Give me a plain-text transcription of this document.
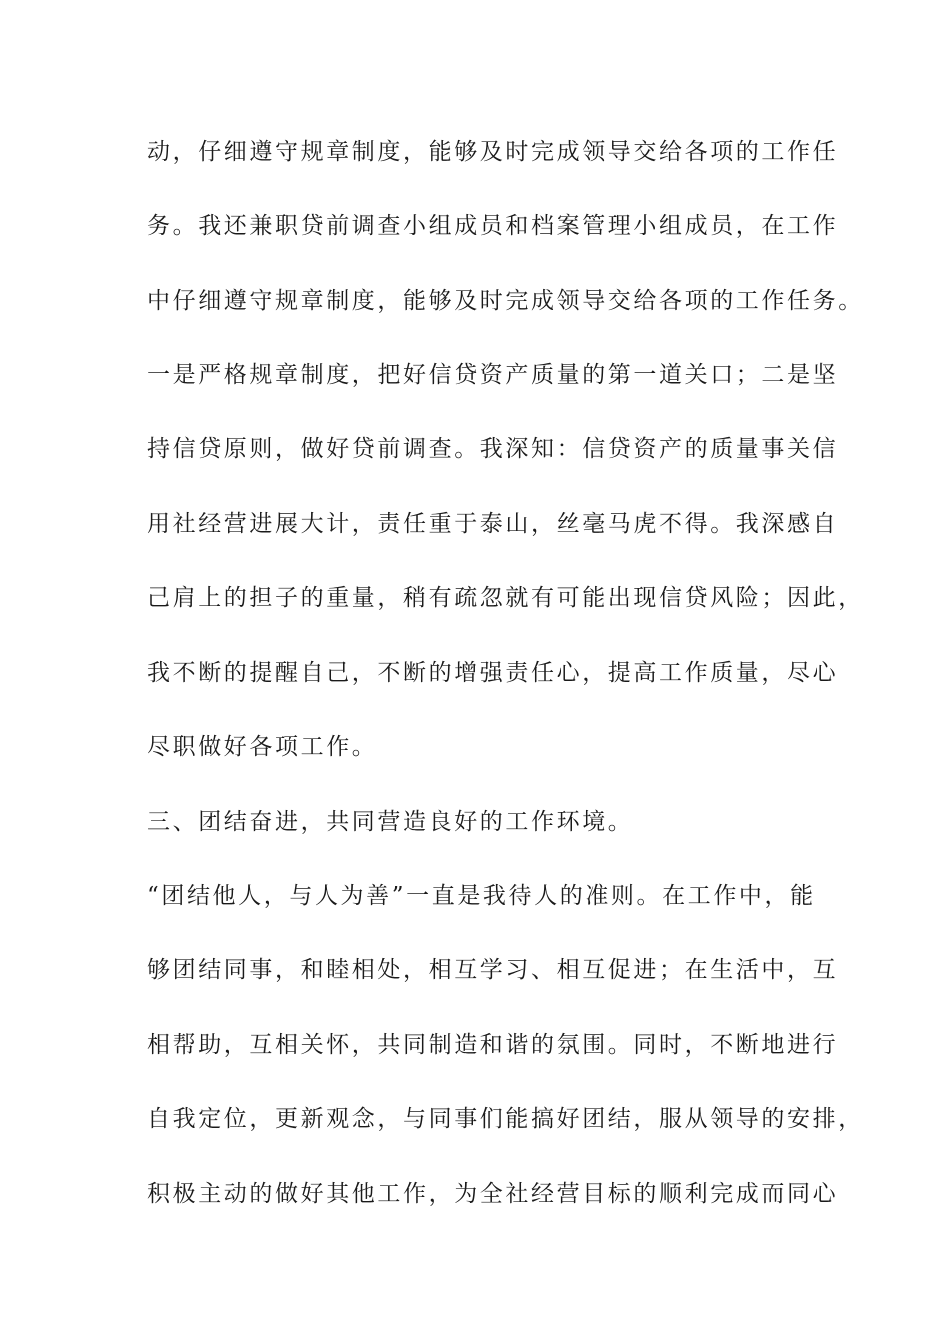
动，仔细遵守规章制度，能够及时完成领导交给各项的工作任
务。我还兼职贷前调查小组成员和档案管理小组成员，在工作
中仔细遵守规章制度，能够及时完成领导交给各项的工作任务。
一是严格规章制度，把好信贷资产质量的第一道关口；二是坚
持信贷原则，做好贷前调查。我深知：信贷资产的质量事关信
用社经营进展大计，责任重于泰山，丝毫马虎不得。我深感自
己肩上的担子的重量，稍有疏忽就有可能出现信贷风险；因此，
我不断的提醒自己，不断的增强责任心，提高工作质量，尽心
尽职做好各项工作。
三、团结奋进，共同营造良好的工作环境。
“团结他人，与人为善”一直是我待人的准则。在工作中，能
够团结同事，和睦相处，相互学习、相互促进；在生活中，互
相帮助，互相关怀，共同制造和谐的氛围。同时，不断地进行
自我定位，更新观念，与同事们能搞好团结，服从领导的安排，
积极主动的做好其他工作，为全社经营目标的顺利完成而同心
